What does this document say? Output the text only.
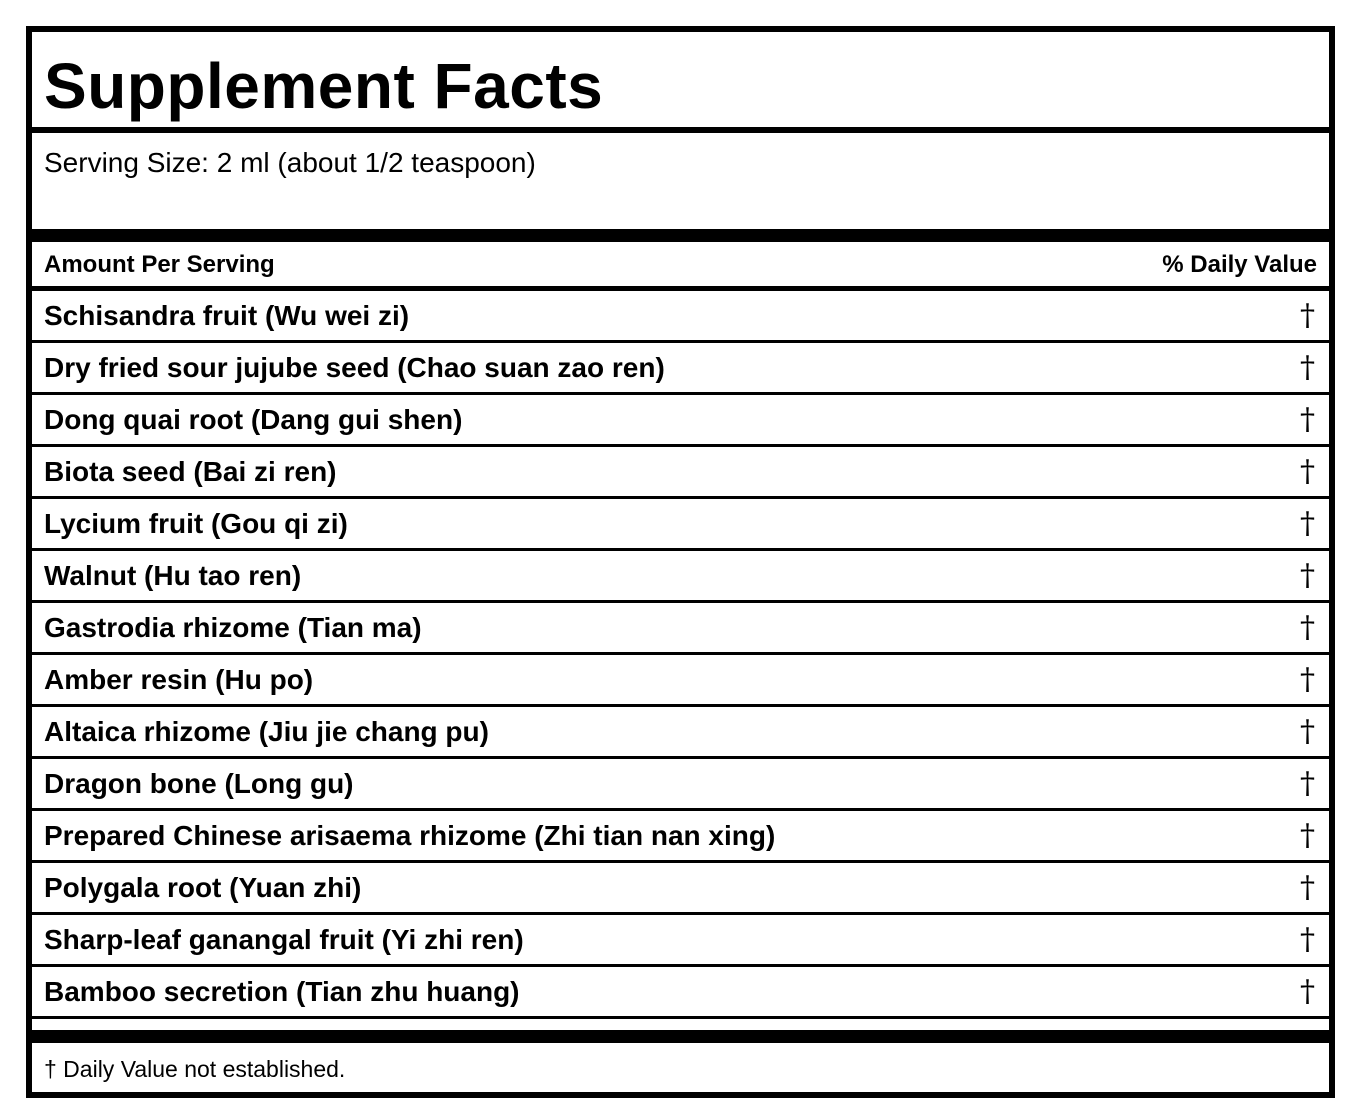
Supplement Facts
Serving Size: 2 ml (about 1/2 teaspoon)
Amount Per Serving	% Daily Value
Schisandra fruit (Wu wei zi)	†
Dry fried sour jujube seed (Chao suan zao ren)	†
Dong quai root (Dang gui shen)	†
Biota seed (Bai zi ren)	†
Lycium fruit (Gou qi zi)	†
Walnut (Hu tao ren)	†
Gastrodia rhizome (Tian ma)	†
Amber resin (Hu po)	†
Altaica rhizome (Jiu jie chang pu)	†
Dragon bone (Long gu)	†
Prepared Chinese arisaema rhizome (Zhi tian nan xing)	†
Polygala root (Yuan zhi)	†
Sharp-leaf ganangal fruit (Yi zhi ren)	†
Bamboo secretion (Tian zhu huang)	†
† Daily Value not established.
